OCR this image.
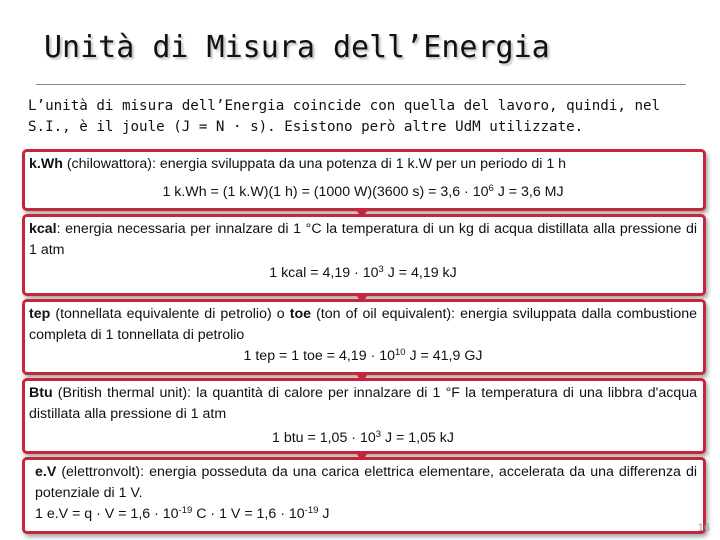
Unità di Misura dell’Energia
L’unità di misura dell’Energia coincide con quella del lavoro, quindi, nel S.I., è il joule (J = N · s). Esistono però altre UdM utilizzate.
k.Wh (chilowattora): energia sviluppata da una potenza di 1 k.W per un periodo di 1 h
1 k.Wh = (1 k.W)(1 h) = (1000 W)(3600 $s) = 3,6 \cdot 10^6$ J = 3,6 MJ
kcal: energia necessaria per innalzare di 1 °C la temperatura di un kg di acqua distillata alla pressione di 1 atm
1 kcal = $4,19 \cdot 10^3$ J = 4,19 kJ
tep (tonnellata equivalente di petrolio) o toe (ton of oil equivalent): energia sviluppata dalla combustione completa di 1 tonnellata di petrolio
1 tep = 1 toe = $4,19 \cdot 10^{10}$ J = 41,9 GJ
Btu (British thermal unit): la quantità di calore per innalzare di 1 °F la temperatura di una libbra d'acqua distillata alla pressione di 1 atm
1 btu = $1,05 \cdot 10^3$ J = 1,05 kJ
e.V (elettronvolt): energia posseduta da una carica elettrica elementare, accelerata da una differenza di potenziale di 1 V.
1 $e.V = q \cdot V = 1,6 \cdot 10^{-19}$ C · 1 $V = 1,6 \cdot 10^{-19}$ J
16
